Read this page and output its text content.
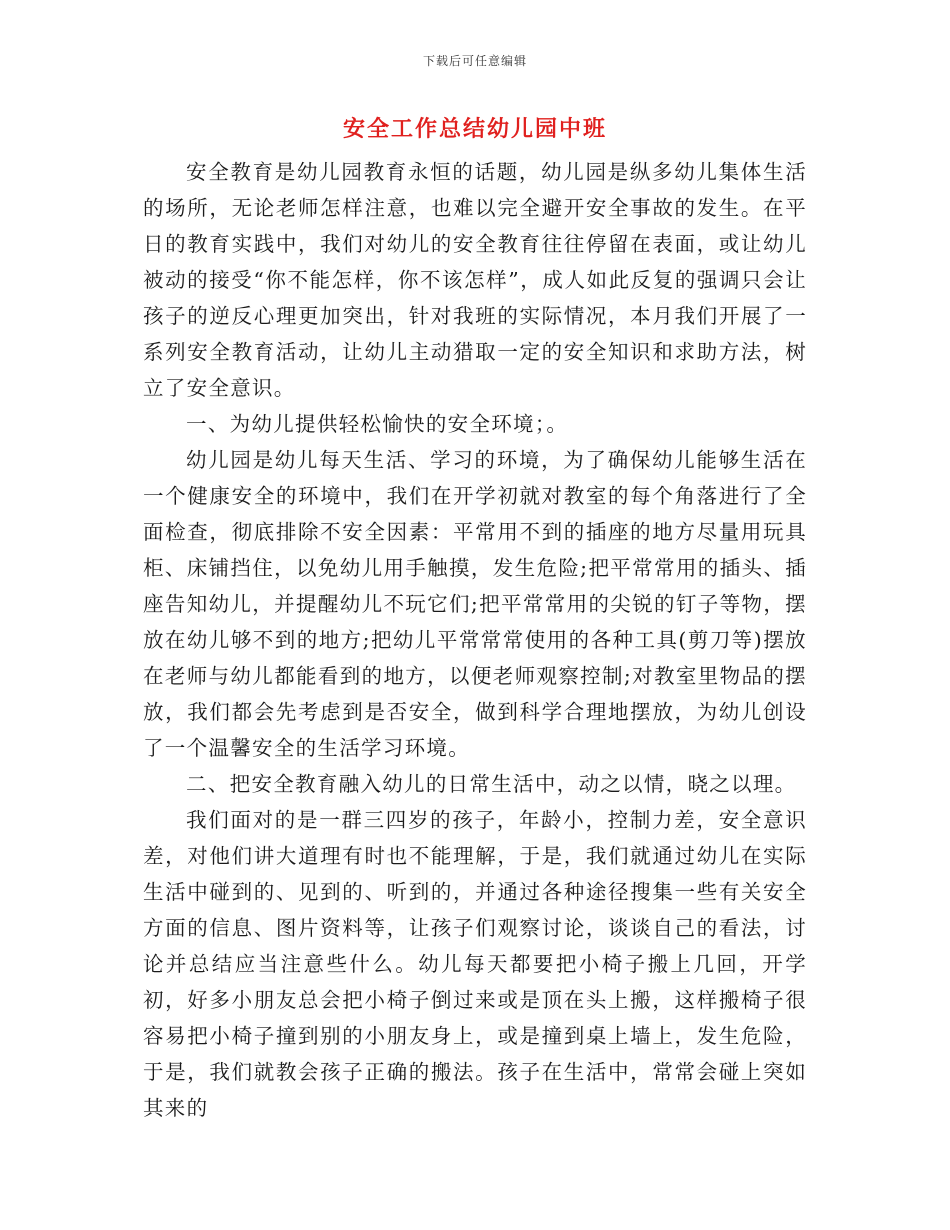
下载后可任意编辑
安全工作总结幼儿园中班

安全教育是幼儿园教育永恒的话题，幼儿园是纵多幼儿集体生活的场所，无论老师怎样注意，也难以完全避开安全事故的发生。在平日的教育实践中，我们对幼儿的安全教育往往停留在表面，或让幼儿被动的接受“你不能怎样，你不该怎样”，成人如此反复的强调只会让孩子的逆反心理更加突出，针对我班的实际情况，本月我们开展了一系列安全教育活动，让幼儿主动猎取一定的安全知识和求助方法，树立了安全意识。

一、为幼儿提供轻松愉快的安全环境；。

幼儿园是幼儿每天生活、学习的环境，为了确保幼儿能够生活在一个健康安全的环境中，我们在开学初就对教室的每个角落进行了全面检查，彻底排除不安全因素：平常用不到的插座的地方尽量用玩具柜、床铺挡住，以免幼儿用手触摸，发生危险;把平常常用的插头、插座告知幼儿，并提醒幼儿不玩它们;把平常常用的尖锐的钉子等物，摆放在幼儿够不到的地方;把幼儿平常常常使用的各种工具(剪刀等)摆放在老师与幼儿都能看到的地方，以便老师观察控制;对教室里物品的摆放，我们都会先考虑到是否安全，做到科学合理地摆放，为幼儿创设了一个温馨安全的生活学习环境。

二、把安全教育融入幼儿的日常生活中，动之以情，晓之以理。

我们面对的是一群三四岁的孩子，年龄小，控制力差，安全意识差，对他们讲大道理有时也不能理解，于是，我们就通过幼儿在实际生活中碰到的、见到的、听到的，并通过各种途径搜集一些有关安全方面的信息、图片资料等，让孩子们观察讨论，谈谈自己的看法，讨论并总结应当注意些什么。幼儿每天都要把小椅子搬上几回，开学初，好多小朋友总会把小椅子倒过来或是顶在头上搬，这样搬椅子很容易把小椅子撞到别的小朋友身上，或是撞到桌上墙上，发生危险，于是，我们就教会孩子正确的搬法。孩子在生活中，常常会碰上突如其来的
